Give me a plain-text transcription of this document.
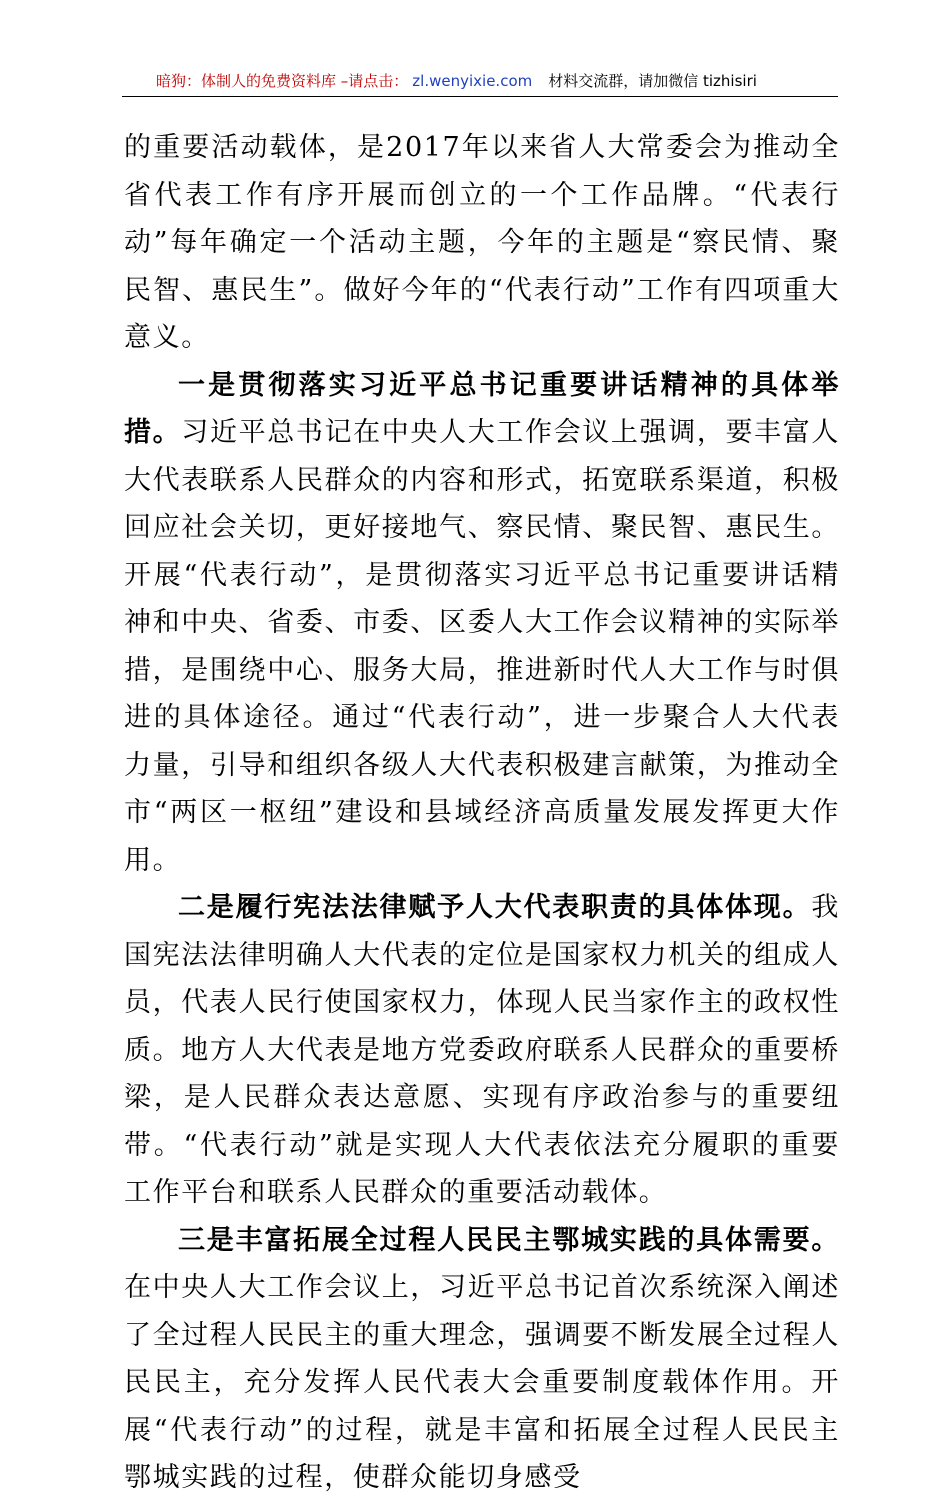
暗狗：体制人的免费资料库 –请点击： zl.wenyixie.com 材料交流群，请加微信 tizhisiri

的重要活动载体，是2017年以来省人大常委会为推动全省代表工作有序开展而创立的一个工作品牌。“代表行动”每年确定一个活动主题，今年的主题是“察民情、聚民智、惠民生”。做好今年的“代表行动”工作有四项重大意义。

一是贯彻落实习近平总书记重要讲话精神的具体举措。习近平总书记在中央人大工作会议上强调，要丰富人大代表联系人民群众的内容和形式，拓宽联系渠道，积极回应社会关切，更好接地气、察民情、聚民智、惠民生。开展“代表行动”，是贯彻落实习近平总书记重要讲话精神和中央、省委、市委、区委人大工作会议精神的实际举措，是围绕中心、服务大局，推进新时代人大工作与时俱进的具体途径。通过“代表行动”，进一步聚合人大代表力量，引导和组织各级人大代表积极建言献策，为推动全市“两区一枢纽”建设和县域经济高质量发展发挥更大作用。

二是履行宪法法律赋予人大代表职责的具体体现。我国宪法法律明确人大代表的定位是国家权力机关的组成人员，代表人民行使国家权力，体现人民当家作主的政权性质。地方人大代表是地方党委政府联系人民群众的重要桥梁，是人民群众表达意愿、实现有序政治参与的重要纽带。“代表行动”就是实现人大代表依法充分履职的重要工作平台和联系人民群众的重要活动载体。

三是丰富拓展全过程人民民主鄂城实践的具体需要。在中央人大工作会议上，习近平总书记首次系统深入阐述了全过程人民民主的重大理念，强调要不断发展全过程人民民主，充分发挥人民代表大会重要制度载体作用。开展“代表行动”的过程，就是丰富和拓展全过程人民民主鄂城实践的过程，使群众能切身感受
